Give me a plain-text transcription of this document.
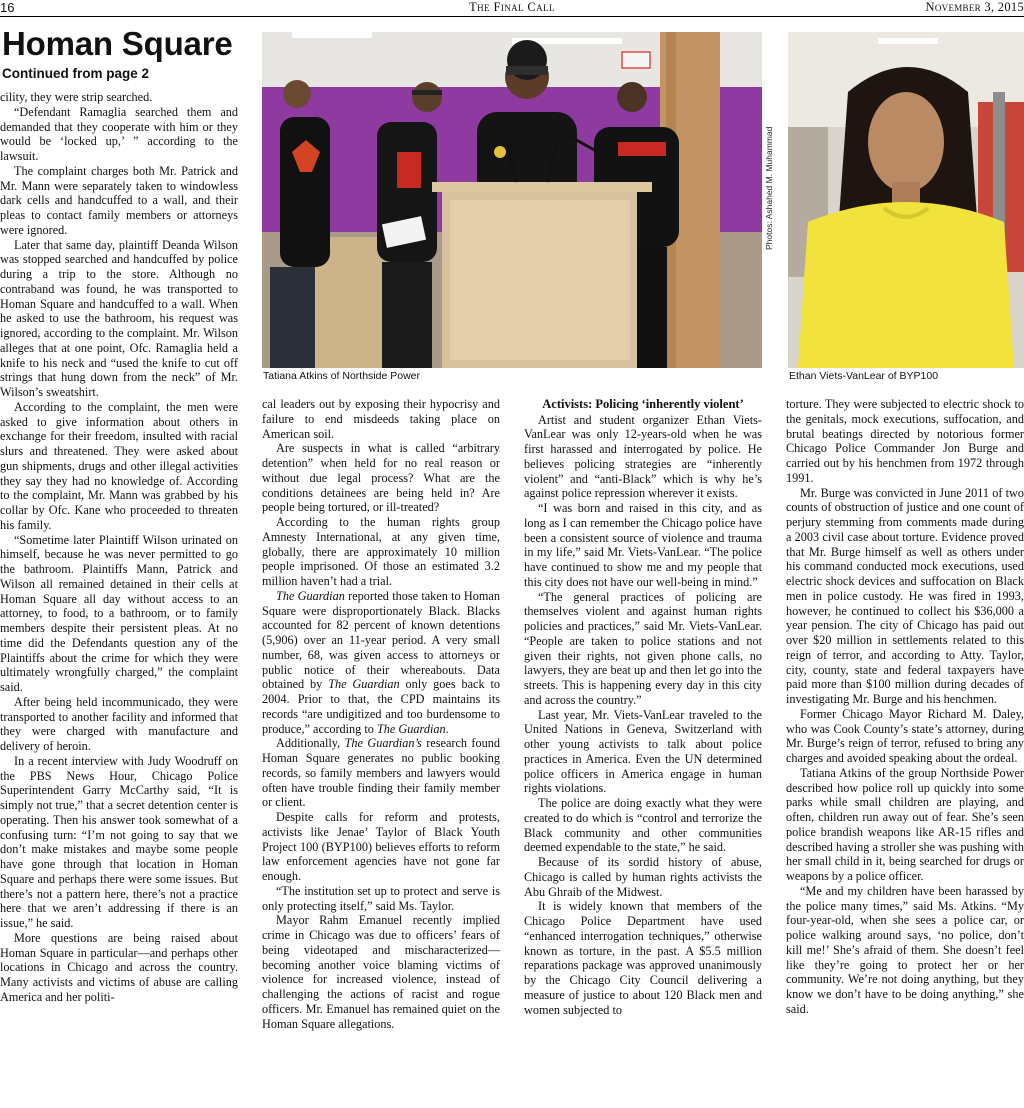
16	The Final Call	November 3, 2015
Homan Square
Continued from page 2
Photos: Ashahed M. Muhammad
Tatiana Atkins of Northside Power	Ethan Viets-VanLear of BYP100

cility, they were strip searched.

“Defendant Ramaglia searched them and demanded that they cooperate with him or they would be ‘locked up,’ ” according to the lawsuit.

The complaint charges both Mr. Patrick and Mr. Mann were separately taken to windowless dark cells and handcuffed to a wall, and their pleas to contact family members or attorneys were ignored.

Later that same day, plaintiff Deanda Wilson was stopped searched and handcuffed by police during a trip to the store. Although no contraband was found, he was transported to Homan Square and handcuffed to a wall. When he asked to use the bathroom, his request was ignored, according to the complaint. Mr. Wilson alleges that at one point, Ofc. Ramaglia held a knife to his neck and “used the knife to cut off strings that hung down from the neck” of Mr. Wilson’s sweatshirt.

According to the complaint, the men were asked to give information about others in exchange for their freedom, insulted with racial slurs and threatened. They were asked about gun shipments, drugs and other illegal activities they say they had no knowledge of. According to the complaint, Mr. Mann was grabbed by his collar by Ofc. Kane who proceeded to threaten his family.

“Sometime later Plaintiff Wilson urinated on himself, because he was never permitted to go the bathroom. Plaintiffs Mann, Patrick and Wilson all remained detained in their cells at Homan Square all day without access to an attorney, to food, to a bathroom, or to family members despite their persistent pleas. At no time did the Defendants question any of the Plaintiffs about the crime for which they were ultimately wrongfully charged,” the complaint said.

After being held incommunicado, they were transported to another facility and informed that they were charged with manufacture and delivery of heroin.

In a recent interview with Judy Woodruff on the PBS News Hour, Chicago Police Superintendent Garry McCarthy said, “It is simply not true,” that a secret detention center is operating. Then his answer took somewhat of a confusing turn: “I’m not going to say that we don’t make mistakes and maybe some people have gone through that location in Homan Square and perhaps there were some issues. But there’s not a pattern here, there’s not a practice here that we aren’t addressing if there is an issue,” he said.

More questions are being raised about Homan Square in particular—and perhaps other locations in Chicago and across the country. Many activists and victims of abuse are calling America and her politi-

cal leaders out by exposing their hypocrisy and failure to end misdeeds taking place on American soil.

Are suspects in what is called “arbitrary detention” when held for no real reason or without due legal process? What are the conditions detainees are being held in? Are people being tortured, or ill-treated?

According to the human rights group Amnesty International, at any given time, globally, there are approximately 10 million people imprisoned. Of those an estimated 3.2 million haven’t had a trial.

The Guardian reported those taken to Homan Square were disproportionately Black. Blacks accounted for 82 percent of known detentions (5,906) over an 11-year period. A very small number, 68, was given access to attorneys or public notice of their whereabouts. Data obtained by The Guardian only goes back to 2004. Prior to that, the CPD maintains its records “are undigitized and too burdensome to produce,” according to The Guardian.

Additionally, The Guardian’s research found Homan Square generates no public booking records, so family members and lawyers would often have trouble finding their family member or client.

Despite calls for reform and protests, activists like Jenae’ Taylor of Black Youth Project 100 (BYP100) believes efforts to reform law enforcement agencies have not gone far enough.

“The institution set up to protect and serve is only protecting itself,” said Ms. Taylor.

Mayor Rahm Emanuel recently implied crime in Chicago was due to officers’ fears of being videotaped and mischaracterized—becoming another voice blaming victims of violence for increased violence, instead of challenging the actions of racist and rogue officers. Mr. Emanuel has remained quiet on the Homan Square allegations.

Activists: Policing ‘inherently violent’

Artist and student organizer Ethan Viets-VanLear was only 12-years-old when he was first harassed and interrogated by police. He believes policing strategies are “inherently violent” and “anti-Black” which is why he’s against police repression wherever it exists.

“I was born and raised in this city, and as long as I can remember the Chicago police have been a consistent source of violence and trauma in my life,” said Mr. Viets-VanLear. “The police have continued to show me and my people that this city does not have our well-being in mind.”

“The general practices of policing are themselves violent and against human rights policies and practices,” said Mr. Viets-VanLear. “People are taken to police stations and not given their rights, not given phone calls, no lawyers, they are beat up and then let go into the streets. This is happening every day in this city and across the country.”

Last year, Mr. Viets-VanLear traveled to the United Nations in Geneva, Switzerland with other young activists to talk about police practices in America. Even the UN determined police officers in America engage in human rights violations.

The police are doing exactly what they were created to do which is “control and terrorize the Black community and other communities deemed expendable to the state,” he said.

Because of its sordid history of abuse, Chicago is called by human rights activists the Abu Ghraib of the Midwest.

It is widely known that members of the Chicago Police Department have used “enhanced interrogation techniques,” otherwise known as torture, in the past. A $5.5 million reparations package was approved unanimously by the Chicago City Council delivering a measure of justice to about 120 Black men and women subjected to

torture. They were subjected to electric shock to the genitals, mock executions, suffocation, and brutal beatings directed by notorious former Chicago Police Commander Jon Burge and carried out by his henchmen from 1972 through 1991.

Mr. Burge was convicted in June 2011 of two counts of obstruction of justice and one count of perjury stemming from comments made during a 2003 civil case about torture. Evidence proved that Mr. Burge himself as well as others under his command conducted mock executions, used electric shock devices and suffocation on Black men in police custody. He was fired in 1993, however, he continued to collect his $36,000 a year pension. The city of Chicago has paid out over $20 million in settlements related to this reign of terror, and according to Atty. Taylor, city, county, state and federal taxpayers have paid more than $100 million during decades of investigating Mr. Burge and his henchmen.

Former Chicago Mayor Richard M. Daley, who was Cook County’s state’s attorney, during Mr. Burge’s reign of terror, refused to bring any charges and avoided speaking about the ordeal.

Tatiana Atkins of the group Northside Power described how police roll up quickly into some parks while small children are playing, and often, children run away out of fear. She’s seen police brandish weapons like AR-15 rifles and described having a stroller she was pushing with her small child in it, being searched for drugs or weapons by a police officer.

“Me and my children have been harassed by the police many times,” said Ms. Atkins. “My four-year-old, when she sees a police car, or police walking around says, ‘no police, don’t kill me!’ She’s afraid of them. She doesn’t feel like they’re going to protect her or her community. We’re not doing anything, but they know we don’t have to be doing anything,” she said.
